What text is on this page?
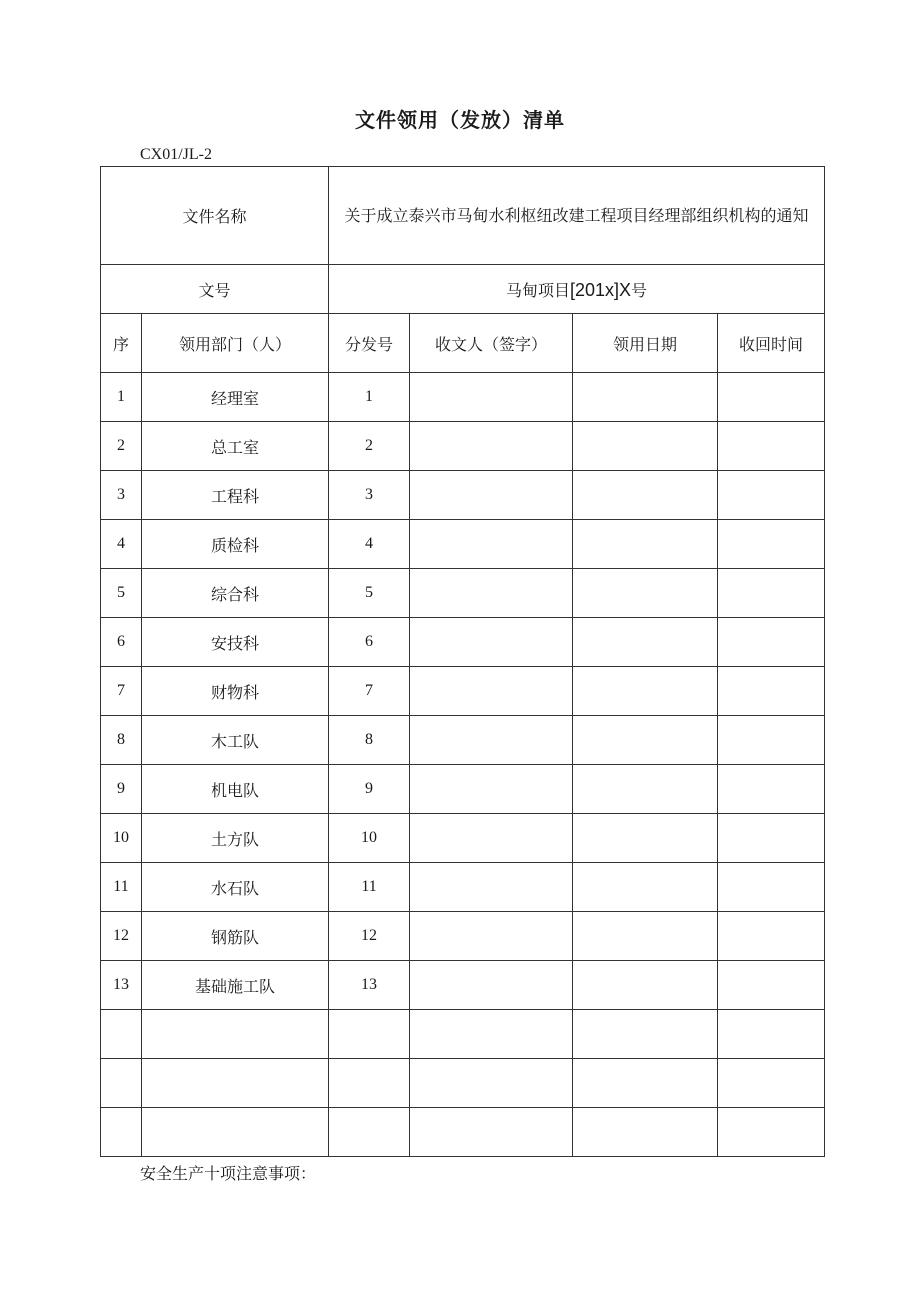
文件领用（发放）清单
CX01/JL-2
文件名称		关于成立泰兴市马甸水利枢纽改建工程项目经理部组织机构的通知			
文号		马甸项目[201x]X号			
序	领用部门（人）	分发号	收文人（签字）	领用日期	收回时间
1	经理室	1			
2	总工室	2			
3	工程科	3			
4	质检科	4			
5	综合科	5			
6	安技科	6			
7	财物科	7			
8	木工队	8			
9	机电队	9			
10	土方队	10			
11	水石队	11			
12	钢筋队	12			
13	基础施工队	13			

安全生产十项注意事项：
